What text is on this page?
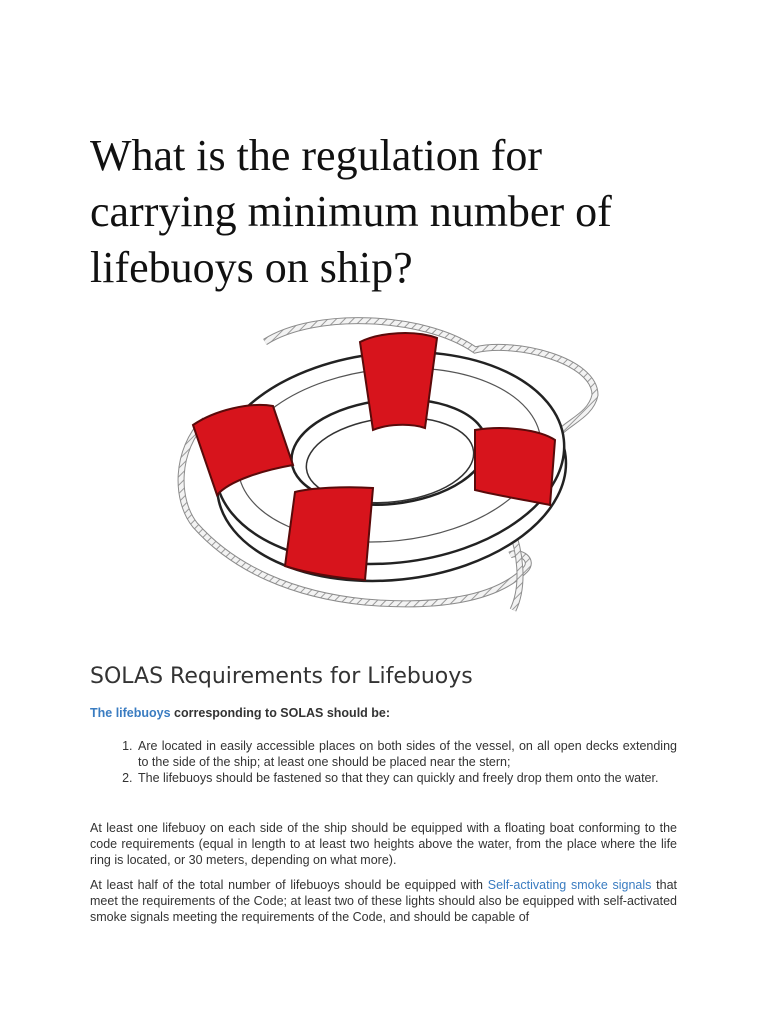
What is the regulation for carrying minimum number of lifebuoys on ship?
SOLAS Requirements for Lifebuoys

The lifebuoys corresponding to SOLAS should be:

1. Are located in easily accessible places on both sides of the vessel, on all open decks extending to the side of the ship; at least one should be placed near the stern;
2. The lifebuoys should be fastened so that they can quickly and freely drop them onto the water.

At least one lifebuoy on each side of the ship should be equipped with a floating boat conforming to the code requirements (equal in length to at least two heights above the water, from the place where the life ring is located, or 30 meters, depending on what more).

At least half of the total number of lifebuoys should be equipped with Self-activating smoke signals that meet the requirements of the Code; at least two of these lights should also be equipped with self-activated smoke signals meeting the requirements of the Code, and should be capable of
